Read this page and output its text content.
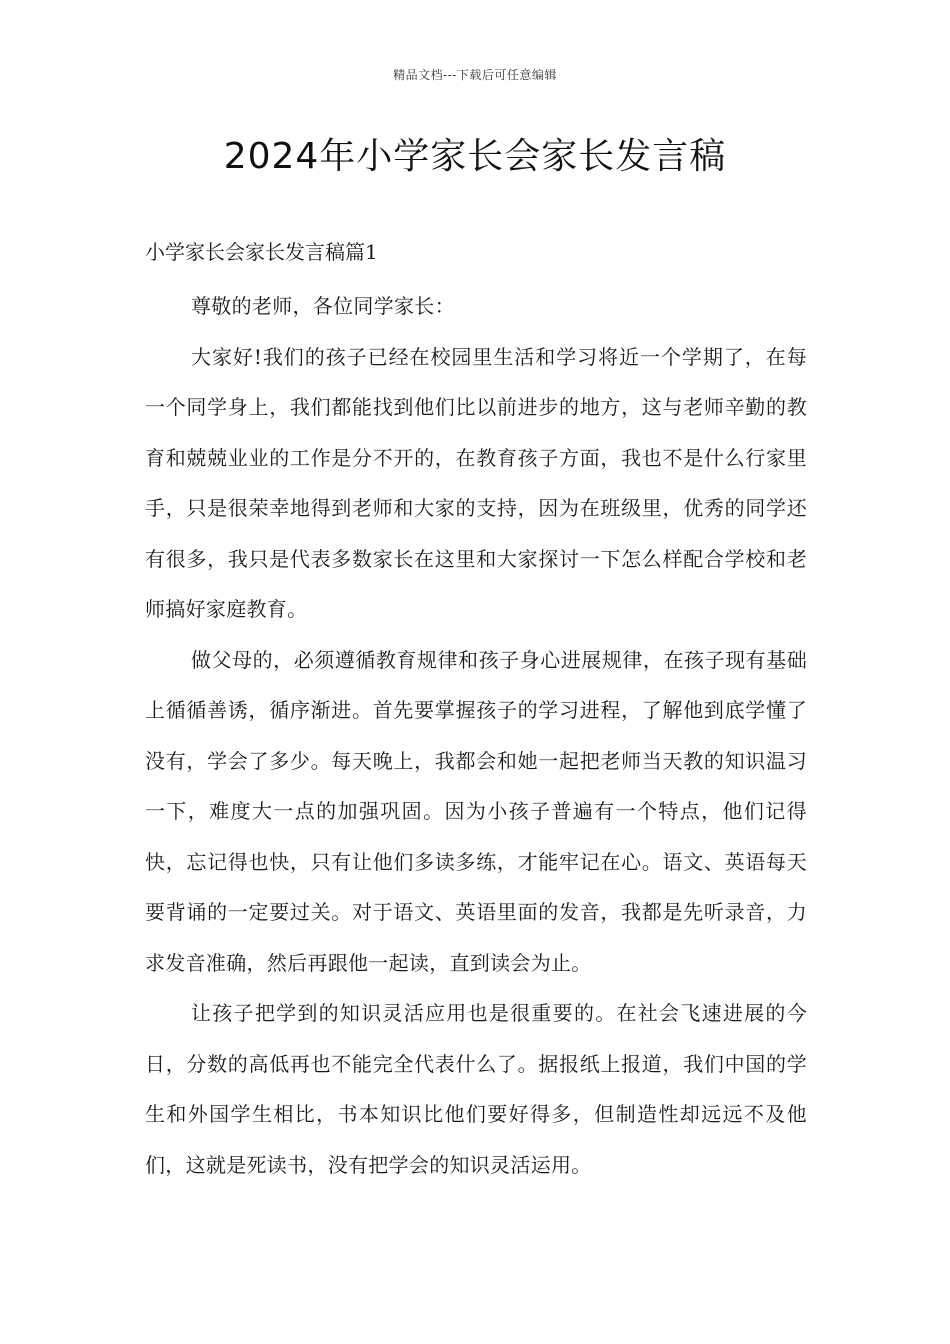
精品文档---下载后可任意编辑
2024年小学家长会家长发言稿
小学家长会家长发言稿篇1

尊敬的老师，各位同学家长：

大家好!我们的孩子已经在校园里生活和学习将近一个学期了，在每一个同学身上，我们都能找到他们比以前进步的地方，这与老师辛勤的教育和兢兢业业的工作是分不开的，在教育孩子方面，我也不是什么行家里手，只是很荣幸地得到老师和大家的支持，因为在班级里，优秀的同学还有很多，我只是代表多数家长在这里和大家探讨一下怎么样配合学校和老师搞好家庭教育。

做父母的，必须遵循教育规律和孩子身心进展规律，在孩子现有基础上循循善诱，循序渐进。首先要掌握孩子的学习进程，了解他到底学懂了没有，学会了多少。每天晚上，我都会和她一起把老师当天教的知识温习一下，难度大一点的加强巩固。因为小孩子普遍有一个特点，他们记得快，忘记得也快，只有让他们多读多练，才能牢记在心。语文、英语每天要背诵的一定要过关。对于语文、英语里面的发音，我都是先听录音，力求发音准确，然后再跟他一起读，直到读会为止。

让孩子把学到的知识灵活应用也是很重要的。在社会飞速进展的今日，分数的高低再也不能完全代表什么了。据报纸上报道，我们中国的学生和外国学生相比，书本知识比他们要好得多，但制造性却远远不及他们，这就是死读书，没有把学会的知识灵活运用。
